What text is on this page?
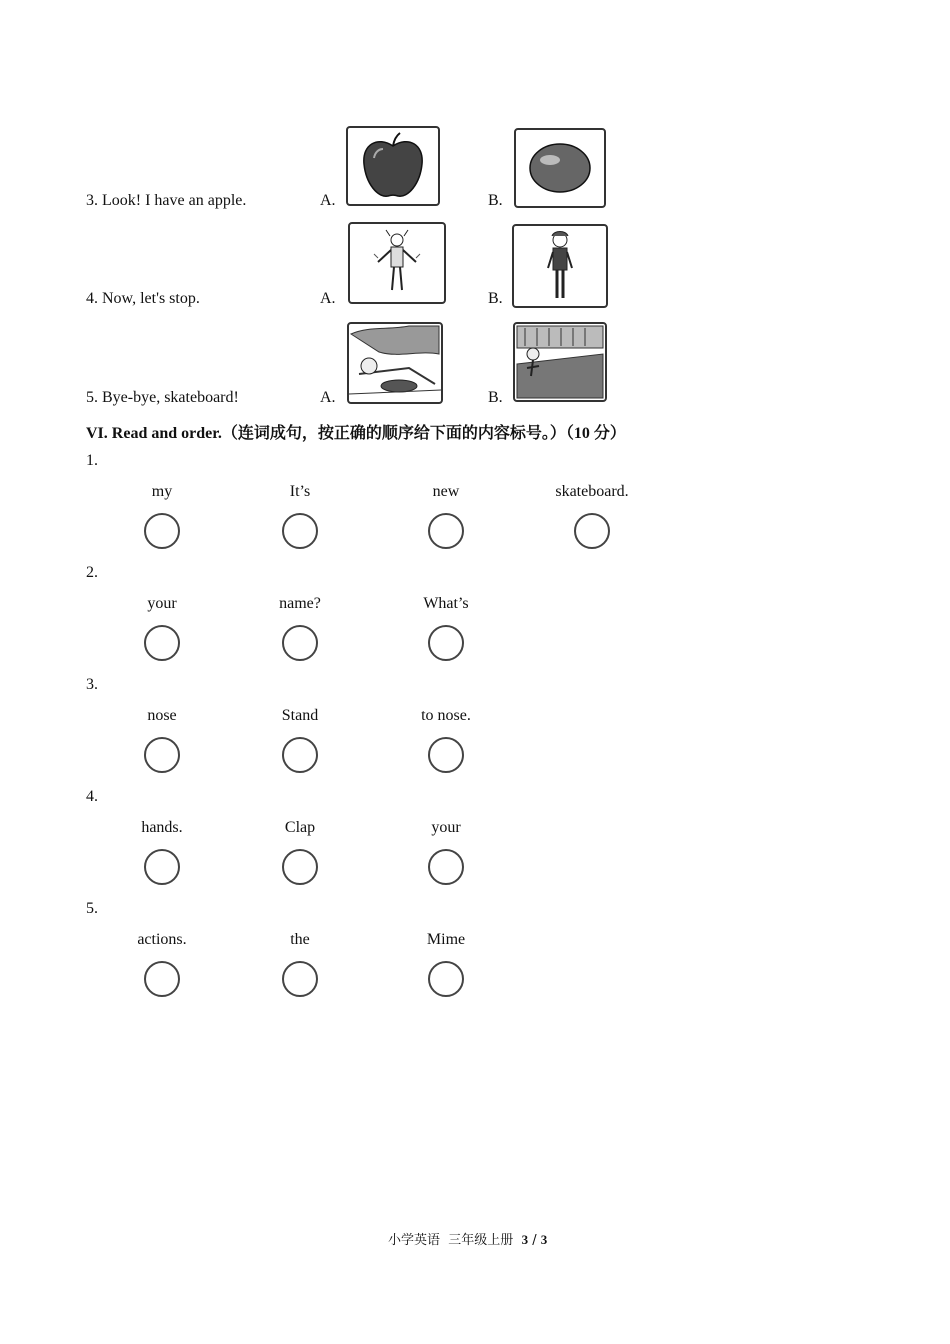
3. Look! I have an apple.	A.	B.
4. Now, let's stop.	A.	B.
5. Bye-bye, skateboard!	A.	B.
VI. Read and order.（连词成句，按正确的顺序给下面的内容标号。）（10 分）
1.
my	It’s	new	skateboard.
2.
your	name?	What’s
3.
nose	Stand	to nose.
4.
hands.	Clap	your
5.
actions.	the	Mime
小学英语 三年级上册 3 / 3
